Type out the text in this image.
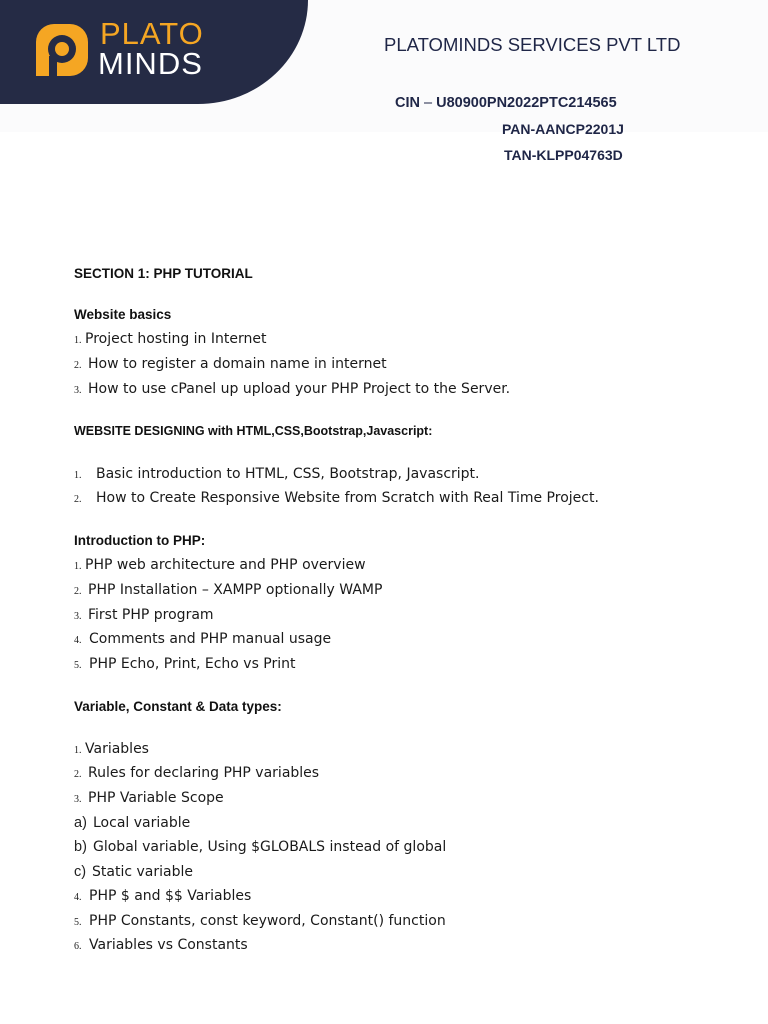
PLATO
MINDS
PLATOMINDS SERVICES PVT LTD
CIN – U80900PN2022PTC214565
PAN-AANCP2201J
TAN-KLPP04763D
SECTION 1: PHP TUTORIAL
Website basics
1. Project hosting in Internet
2. How to register a domain name in internet
3. How to use cPanel up upload your PHP Project to the Server.
WEBSITE DESIGNING with HTML,CSS,Bootstrap,Javascript:
1.	Basic introduction to HTML, CSS, Bootstrap, Javascript.
2.	How to Create Responsive Website from Scratch with Real Time Project.
Introduction to PHP:
1. PHP web architecture and PHP overview
2. PHP Installation – XAMPP optionally WAMP
3. First PHP program
4. Comments and PHP manual usage
5. PHP Echo, Print, Echo vs Print
Variable, Constant & Data types:
1. Variables
2. Rules for declaring PHP variables
3. PHP Variable Scope
a) Local variable
b) Global variable, Using $GLOBALS instead of global
c) Static variable
4. PHP $ and $$ Variables
5. PHP Constants, const keyword, Constant() function
6. Variables vs Constants
